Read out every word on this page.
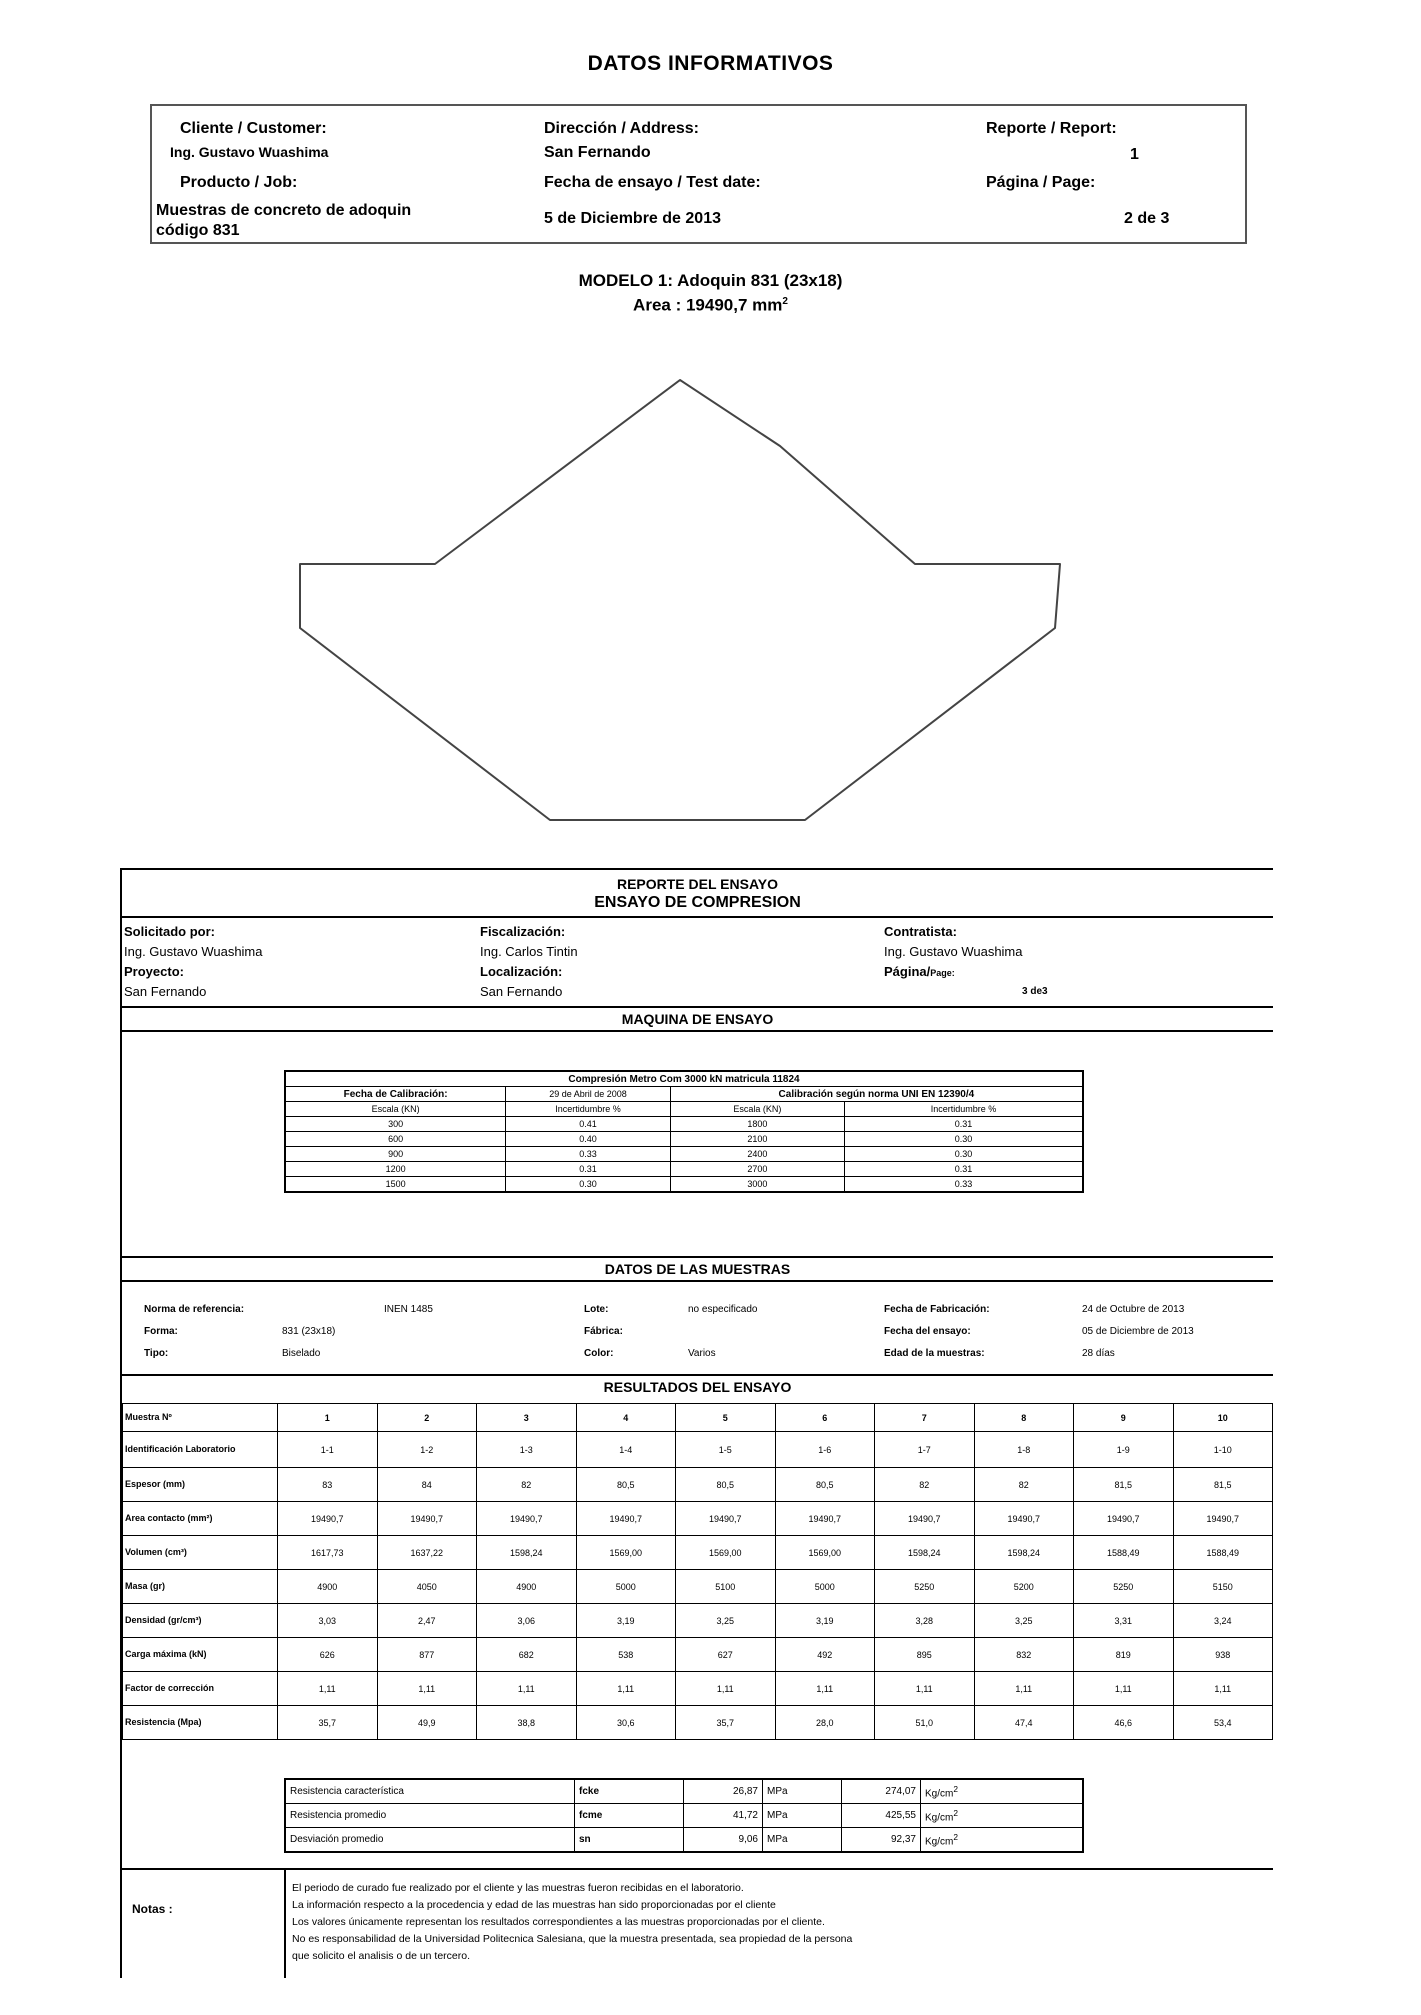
DATOS INFORMATIVOS
Cliente / Customer:
Ing. Gustavo Wuashima
Producto / Job:
Muestras de concreto de adoquin
código 831
Dirección / Address:
San Fernando
Fecha de ensayo / Test date:
5 de Diciembre de 2013
Reporte / Report:
1
Página / Page:
2 de 3
MODELO 1: Adoquin 831 (23x18)
Area : 19490,7 $mm^2$
REPORTE DEL ENSAYO
ENSAYO DE COMPRESION
Solicitado por:
Ing. Gustavo Wuashima
Proyecto:
San Fernando
Fiscalización:
Ing. Carlos Tintin
Localización:
San Fernando
Contratista:
Ing. Gustavo Wuashima
Página/Page:
3 de3
MAQUINA DE ENSAYO
Compresión Metro Com 3000 kN matricula 11824			
Fecha de Calibración:	29 de Abril de 2008	Calibración según norma UNI EN 12390/4	
Escala (KN)	Incertidumbre %	Escala (KN)	Incertidumbre %
300	0.41	1800	0.31
600	0.40	2100	0.30
900	0.33	2400	0.30
1200	0.31	2700	0.31
1500	0.30	3000	0.33
DATOS DE LAS MUESTRAS
Norma de referencia:	INEN 1485
Forma:	831 (23x18)
Tipo:	Biselado
Lote:	no especificado
Fábrica:
Color:	Varios
Fecha de Fabricación:	24 de Octubre de 2013
Fecha del ensayo:	05 de Diciembre de 2013
Edad de la muestras:	28 días
RESULTADOS DEL ENSAYO
Muestra Nº	1	2	3	4	5	6	7	8	9	10
Identificación Laboratorio	1-1	1-2	1-3	1-4	1-5	1-6	1-7	1-8	1-9	1-10
Espesor (mm)	83	84	82	80,5	80,5	80,5	82	82	81,5	81,5
Area contacto (mm²)	19490,7	19490,7	19490,7	19490,7	19490,7	19490,7	19490,7	19490,7	19490,7	19490,7
Volumen (cm³)	1617,73	1637,22	1598,24	1569,00	1569,00	1569,00	1598,24	1598,24	1588,49	1588,49
Masa (gr)	4900	4050	4900	5000	5100	5000	5250	5200	5250	5150
Densidad (gr/cm³)	3,03	2,47	3,06	3,19	3,25	3,19	3,28	3,25	3,31	3,24
Carga máxima (kN)	626	877	682	538	627	492	895	832	819	938
Factor de corrección	1,11	1,11	1,11	1,11	1,11	1,11	1,11	1,11	1,11	1,11
Resistencia (Mpa)	35,7	49,9	38,8	30,6	35,7	28,0	51,0	47,4	46,6	53,4
Resistencia característica	fcke	26,87	MPa	274,07	$Kg/cm^2$
Resistencia promedio	fcme	41,72	MPa	425,55	$Kg/cm^2$
Desviación promedio	sn	9,06	MPa	92,37	$Kg/cm^2$
Notas :
El periodo de curado fue realizado por el cliente y las muestras fueron recibidas en el laboratorio.
La información respecto a la procedencia y edad de las muestras han sido proporcionadas por el cliente
Los valores únicamente representan los resultados correspondientes a las muestras proporcionadas por el cliente.
No es responsabilidad de la Universidad Politecnica Salesiana, que la muestra presentada, sea propiedad de la persona
que solicito el analisis o de un tercero.
